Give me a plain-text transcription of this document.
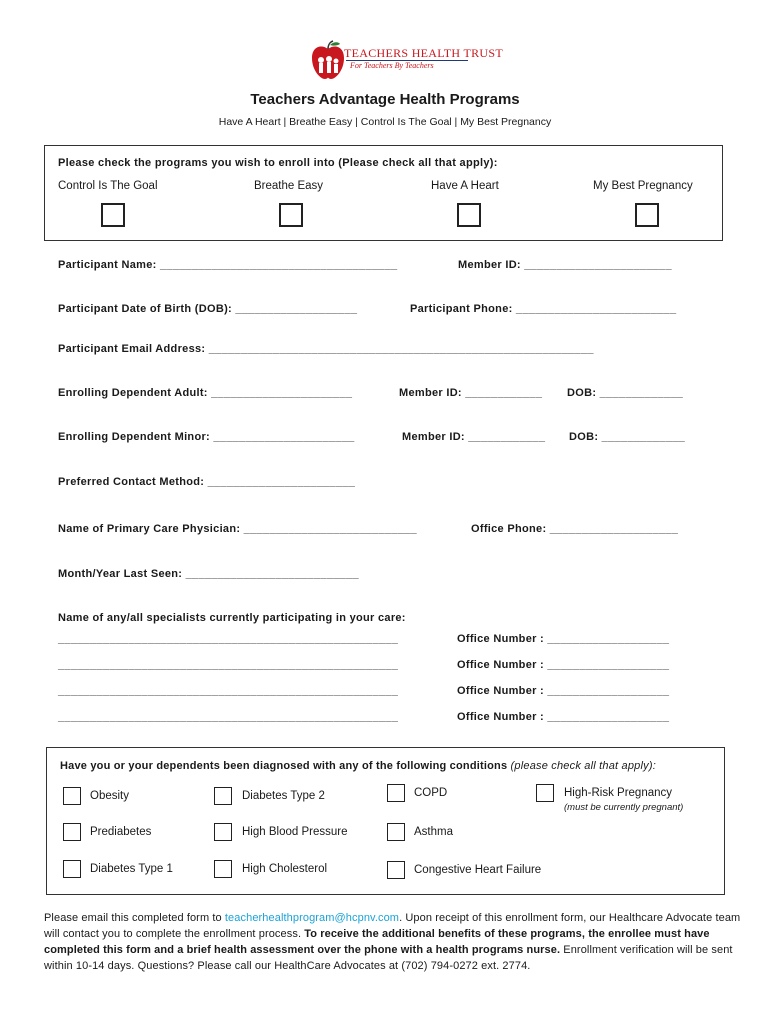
TEACHERS HEALTH TRUST
For Teachers By Teachers
Teachers Advantage Health Programs
Have A Heart | Breathe Easy | Control Is The Goal | My Best Pregnancy
Please check the programs you wish to enroll into (Please check all that apply):
Control Is The Goal	Breathe Easy	Have A Heart	My Best Pregnancy
Participant Name: _____________________________________	Member ID: _______________________
Participant Date of Birth (DOB): ___________________	Participant Phone: _________________________
Participant Email Address: ____________________________________________________________
Enrolling Dependent Adult: ______________________	Member ID: ____________ DOB: _____________
Enrolling Dependent Minor: ______________________	Member ID: ____________ DOB: _____________
Preferred Contact Method: _______________________
Name of Primary Care Physician: ___________________________	Office Phone: ____________________
Month/Year Last Seen: ___________________________
Name of any/all specialists currently participating in your care:
_____________________________________________________	Office Number : ___________________
_____________________________________________________	Office Number : ___________________
_____________________________________________________	Office Number : ___________________
_____________________________________________________	Office Number : ___________________
Have you or your dependents been diagnosed with any of the following conditions (please check all that apply):
Obesity	Diabetes Type 2	COPD	High-Risk Pregnancy
(must be currently pregnant)
Prediabetes	High Blood Pressure	Asthma
Diabetes Type 1	High Cholesterol	Congestive Heart Failure
Please email this completed form to teacherhealthprogram@hcpnv.com. Upon receipt of this enrollment form, our Healthcare Advocate team will contact you to complete the enrollment process. To receive the additional benefits of these programs, the enrollee must have completed this form and a brief health assessment over the phone with a health programs nurse. Enrollment verification will be sent within 10-14 days. Questions? Please call our HealthCare Advocates at (702) 794-0272 ext. 2774.
